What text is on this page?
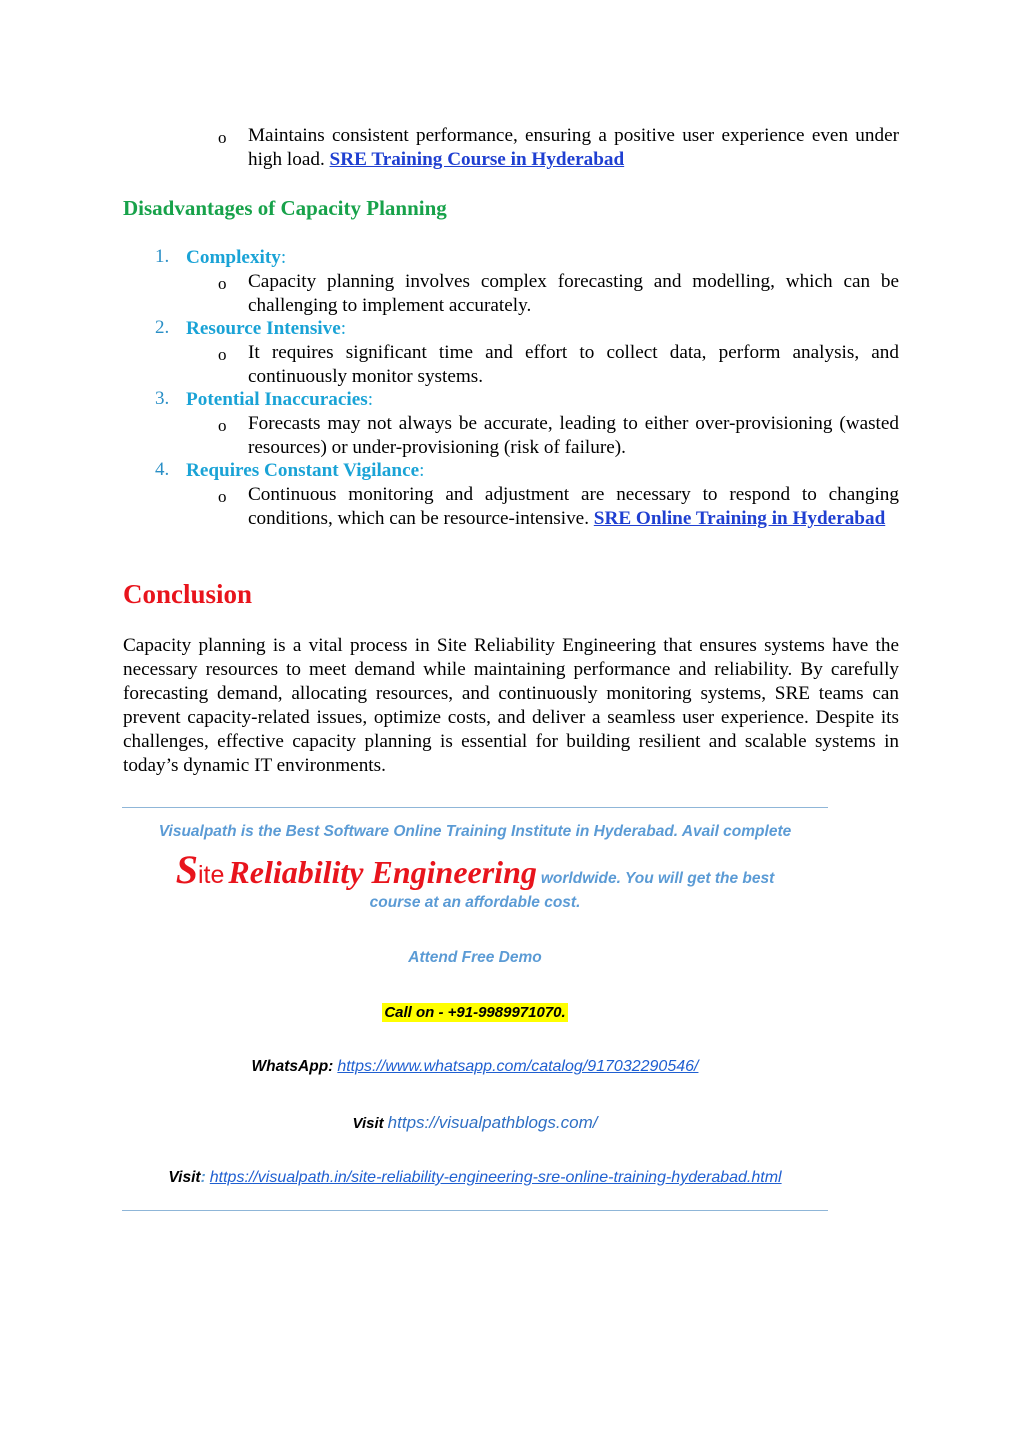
o Maintains consistent performance, ensuring a positive user experience even under high load. SRE Training Course in Hyderabad
Disadvantages of Capacity Planning
1. Complexity:
o Capacity planning involves complex forecasting and modelling, which can be challenging to implement accurately.
2. Resource Intensive:
o It requires significant time and effort to collect data, perform analysis, and continuously monitor systems.
3. Potential Inaccuracies:
o Forecasts may not always be accurate, leading to either over-provisioning (wasted resources) or under-provisioning (risk of failure).
4. Requires Constant Vigilance:
o Continuous monitoring and adjustment are necessary to respond to changing conditions, which can be resource-intensive. SRE Online Training in Hyderabad
Conclusion
Capacity planning is a vital process in Site Reliability Engineering that ensures systems have the necessary resources to meet demand while maintaining performance and reliability. By carefully forecasting demand, allocating resources, and continuously monitoring systems, SRE teams can prevent capacity-related issues, optimize costs, and deliver a seamless user experience. Despite its challenges, effective capacity planning is essential for building resilient and scalable systems in today’s dynamic IT environments.
Visualpath is the Best Software Online Training Institute in Hyderabad. Avail complete
Site Reliability Engineering worldwide. You will get the best
course at an affordable cost.
Attend Free Demo
Call on - +91-9989971070.
WhatsApp: https://www.whatsapp.com/catalog/917032290546/
Visit https://visualpathblogs.com/
Visit: https://visualpath.in/site-reliability-engineering-sre-online-training-hyderabad.html
